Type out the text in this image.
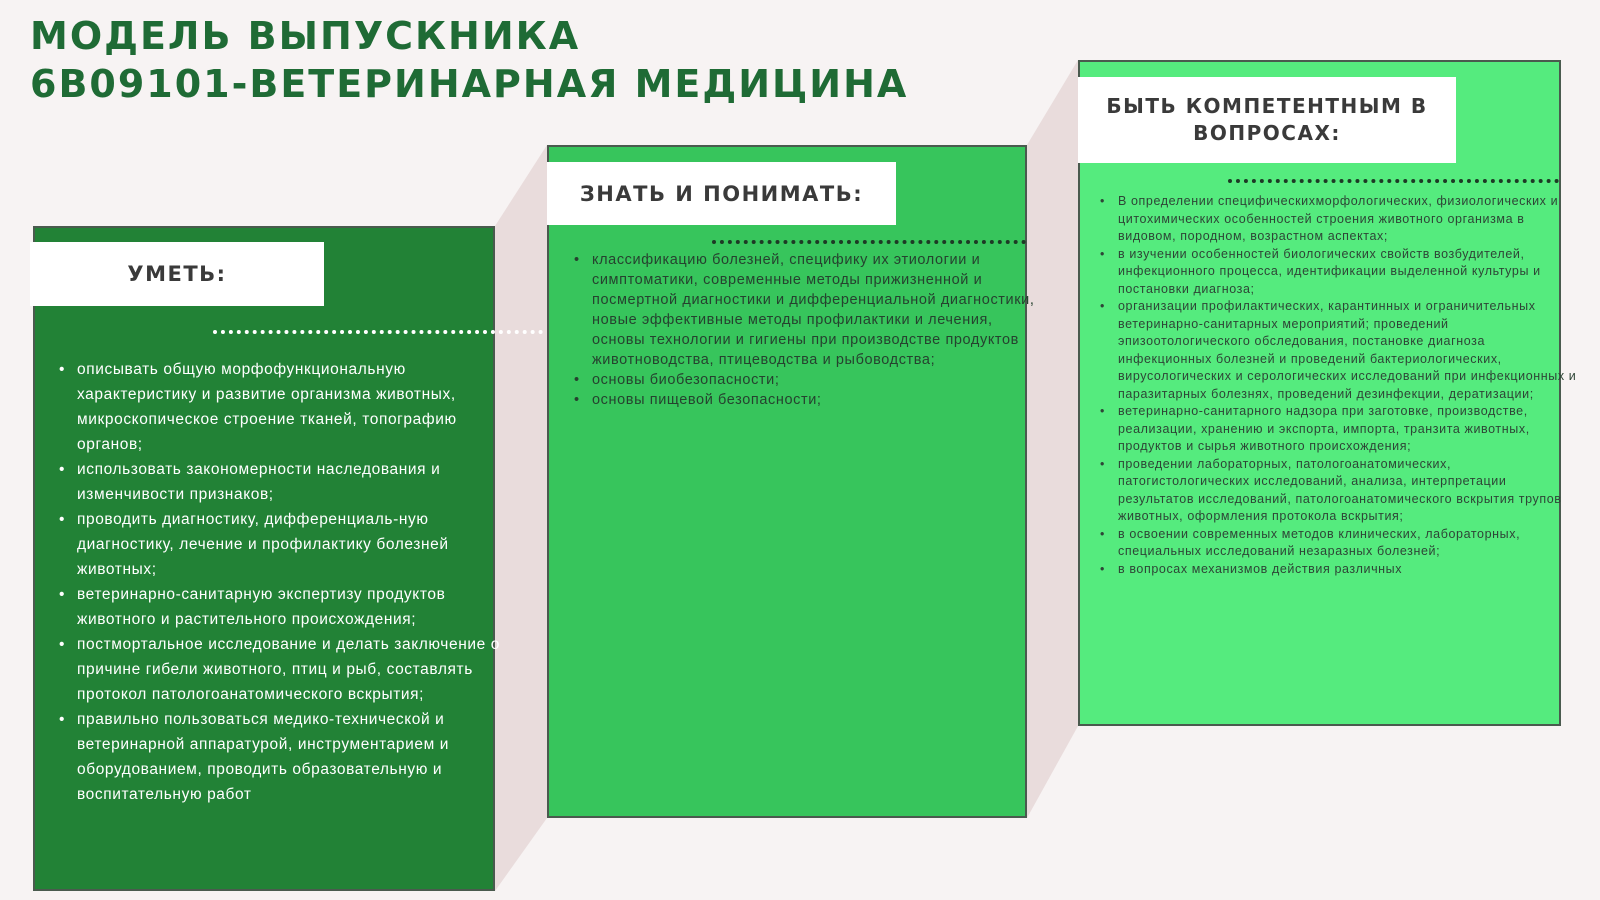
МОДЕЛЬ ВЫПУСКНИКА
6В09101-ВЕТЕРИНАРНАЯ МЕДИЦИНА
УМЕТЬ:
ЗНАТЬ И ПОНИМАТЬ:
БЫТЬ КОМПЕТЕНТНЫМ В ВОПРОСАХ:
• описывать общую морфофункциональную характеристику и развитие организма животных, микроскопическое строение тканей, топографию органов;
• использовать закономерности наследования и изменчивости признаков;
• проводить диагностику, дифференциаль-ную диагностику, лечение и профилактику болезней животных;
• ветеринарно-санитарную экспертизу продуктов животного и растительного происхождения;
• постмортальное исследование и делать заключение о причине гибели животного, птиц и рыб, составлять протокол патологоанатомического вскрытия;
• правильно пользоваться медико-технической и ветеринарной аппаратурой, инструментарием и оборудованием, проводить образовательную и воспитательную работ
• классификацию болезней, специфику их этиологии и симптоматики, современные методы прижизненной и посмертной диагностики и дифференциальной диагностики, новые эффективные методы профилактики и лечения, основы технологии и гигиены при производстве продуктов животноводства, птицеводства и рыбоводства;
• основы биобезопасности;
• основы пищевой безопасности;
• В определении специфическихморфологических, физиологических и цитохимических особенностей строения животного организма в видовом, породном, возрастном аспектах;
• в изучении особенностей биологических свойств возбудителей, инфекционного процесса, идентификации выделенной культуры и постановки диагноза;
• организации профилактических, карантинных и ограничительных ветеринарно-санитарных мероприятий; проведений эпизоотологического обследования, постановке диагноза инфекционных болезней и проведений бактериологических, вирусологических и серологических исследований при инфекционных и паразитарных болезнях, проведений дезинфекции, дератизации;
• ветеринарно-санитарного надзора при заготовке, производстве, реализации, хранению и экспорта, импорта, транзита животных, продуктов и сырья животного происхождения;
• проведении лабораторных, патологоанатомических, патогистологических исследований, анализа, интерпретации результатов исследований, патологоанатомического вскрытия трупов животных, оформления протокола вскрытия;
• в освоении современных методов клинических, лабораторных, специальных исследований незаразных болезней;
• в вопросах механизмов действия различных
